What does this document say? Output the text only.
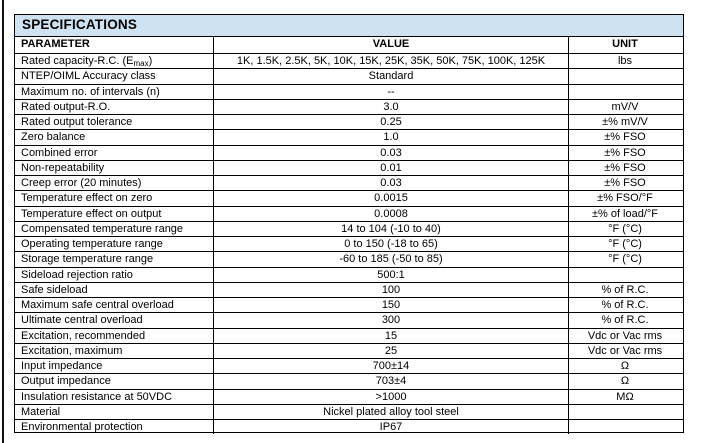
SPECIFICATIONS
PARAMETER	VALUE	UNIT
Rated capacity-R.C. $(E_{max})$	1K, 1.5K, 2.5K, 5K, 10K, 15K, 25K, 35K, 50K, 75K, 100K, 125K	lbs
NTEP/OIML Accuracy class	Standard
Maximum no. of intervals (n)	--
Rated output-R.O.	3.0	mV/V
Rated output tolerance	0.25	±% mV/V
Zero balance	1.0	±% FSO
Combined error	0.03	±% FSO
Non-repeatability	0.01	±% FSO
Creep error (20 minutes)	0.03	±% FSO
Temperature effect on zero	0.0015	±% FSO/°F
Temperature effect on output	0.0008	±% of load/°F
Compensated temperature range	14 to 104 (-10 to 40)	°F (°C)
Operating temperature range	0 to 150 (-18 to 65)	°F (°C)
Storage temperature range	-60 to 185 (-50 to 85)	°F (°C)
Sideload rejection ratio	500:1
Safe sideload	100	% of R.C.
Maximum safe central overload	150	% of R.C.
Ultimate central overload	300	% of R.C.
Excitation, recommended	15	Vdc or Vac rms
Excitation, maximum	25	Vdc or Vac rms
Input impedance	700±14	Ω
Output impedance	703±4	Ω
Insulation resistance at 50VDC	>1000	MΩ
Material	Nickel plated alloy tool steel
Environmental protection	IP67
